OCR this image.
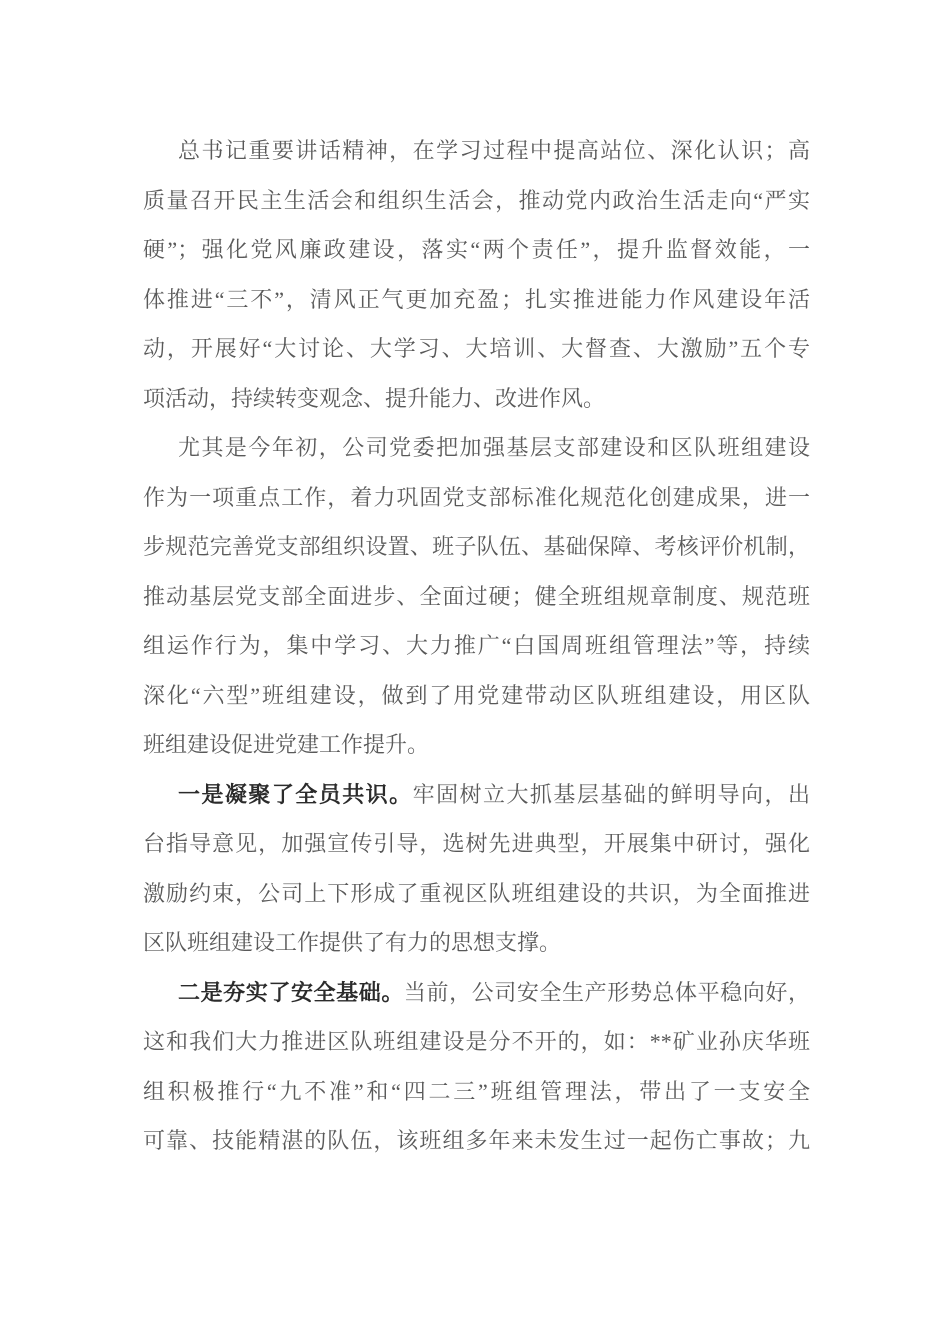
总书记重要讲话精神，在学习过程中提高站位、深化认识；高
质量召开民主生活会和组织生活会，推动党内政治生活走向“严实
硬”；强化党风廉政建设，落实“两个责任”，提升监督效能，一
体推进“三不”，清风正气更加充盈；扎实推进能力作风建设年活
动，开展好“大讨论、大学习、大培训、大督查、大激励”五个专
项活动，持续转变观念、提升能力、改进作风。
尤其是今年初，公司党委把加强基层支部建设和区队班组建设
作为一项重点工作，着力巩固党支部标准化规范化创建成果，进一
步规范完善党支部组织设置、班子队伍、基础保障、考核评价机制，
推动基层党支部全面进步、全面过硬；健全班组规章制度、规范班
组运作行为，集中学习、大力推广“白国周班组管理法”等，持续
深化“六型”班组建设，做到了用党建带动区队班组建设，用区队
班组建设促进党建工作提升。
一是凝聚了全员共识。牢固树立大抓基层基础的鲜明导向，出
台指导意见，加强宣传引导，选树先进典型，开展集中研讨，强化
激励约束，公司上下形成了重视区队班组建设的共识，为全面推进
区队班组建设工作提供了有力的思想支撑。
二是夯实了安全基础。当前，公司安全生产形势总体平稳向好，
这和我们大力推进区队班组建设是分不开的，如：**矿业孙庆华班
组积极推行“九不准”和“四二三”班组管理法，带出了一支安全
可靠、技能精湛的队伍，该班组多年来未发生过一起伤亡事故；九
